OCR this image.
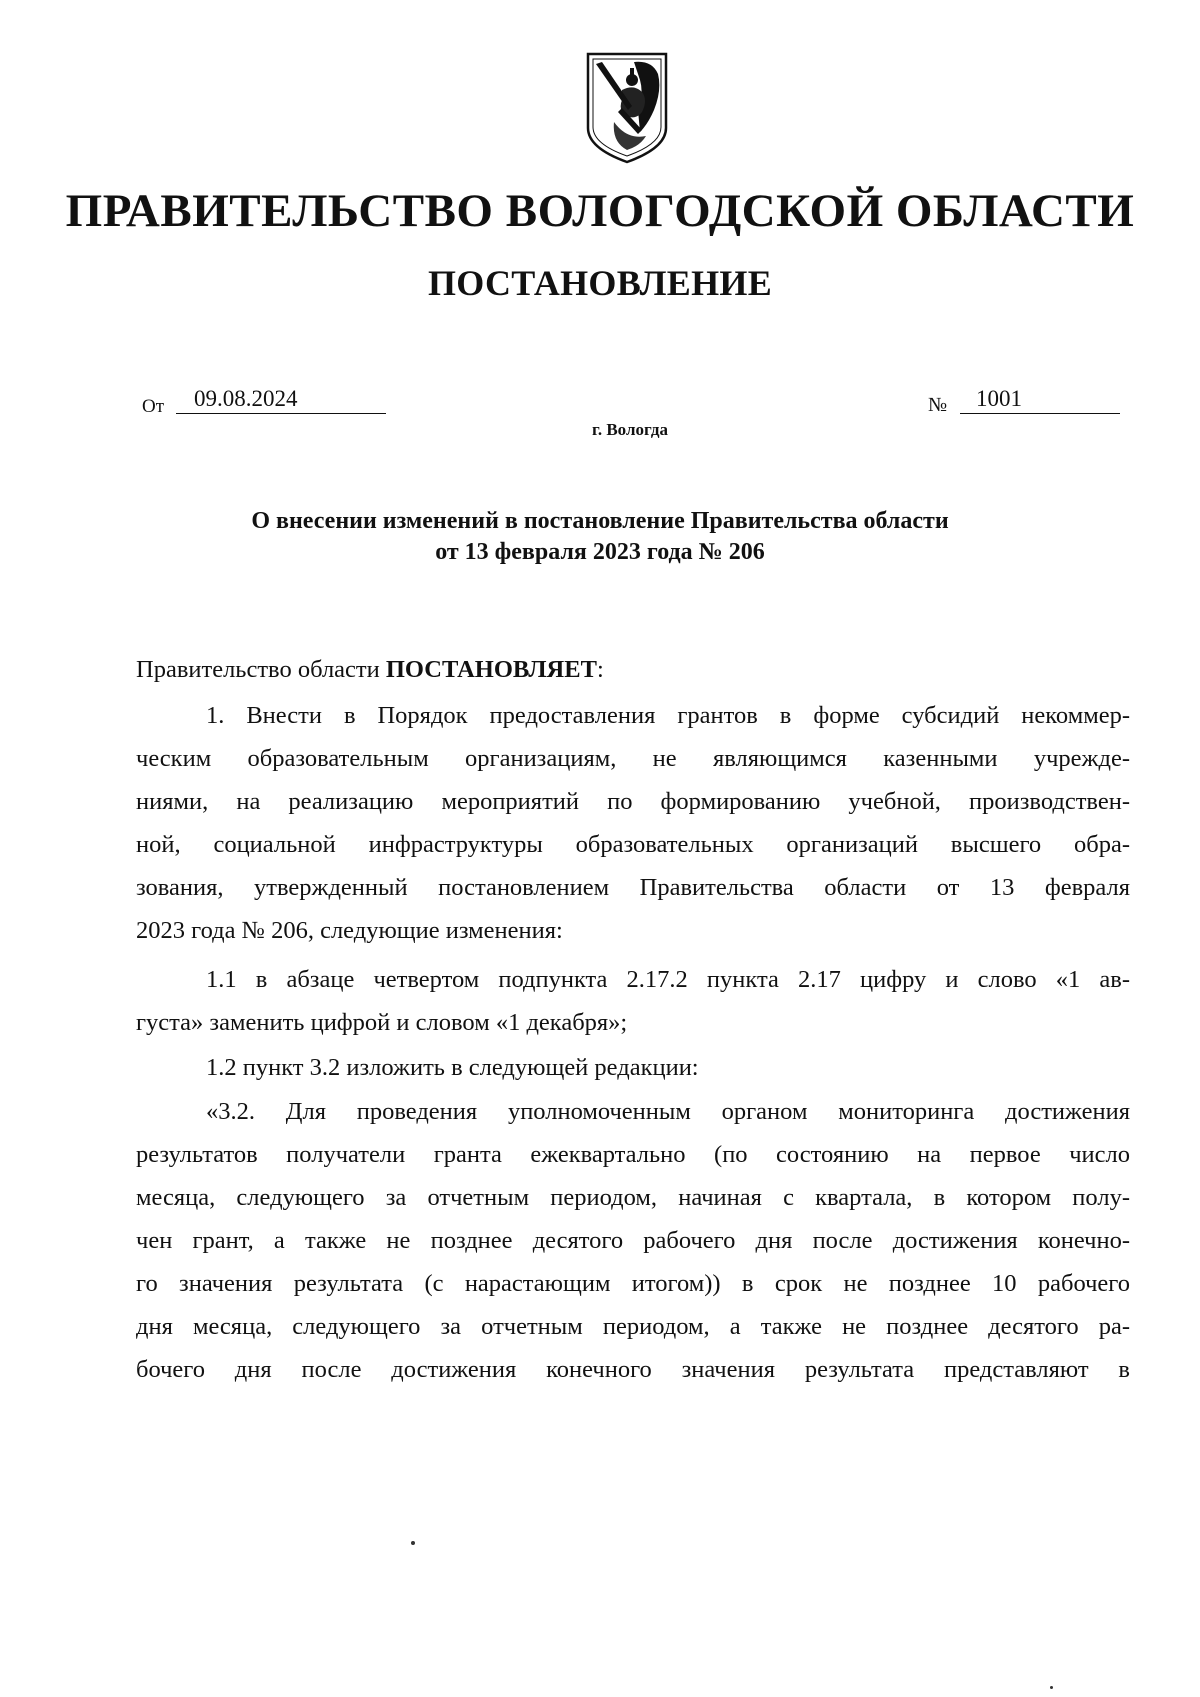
ПРАВИТЕЛЬСТВО ВОЛОГОДСКОЙ ОБЛАСТИ
ПОСТАНОВЛЕНИЕ
От	09.08.2024	№	1001
г. Вологда
О внесении изменений в постановление Правительства области
от 13 февраля 2023 года № 206
Правительство области ПОСТАНОВЛЯЕТ:
1. Внести в Порядок предоставления грантов в форме субсидий некоммер-
ческим образовательным организациям, не являющимся казенными учрежде-
ниями, на реализацию мероприятий по формированию учебной, производствен-
ной, социальной инфраструктуры образовательных организаций высшего обра-
зования, утвержденный постановлением Правительства области от 13 февраля
2023 года № 206, следующие изменения:
1.1 в абзаце четвертом подпункта 2.17.2 пункта 2.17 цифру и слово «1 ав-
густа» заменить цифрой и словом «1 декабря»;
1.2 пункт 3.2 изложить в следующей редакции:
«3.2. Для проведения уполномоченным органом мониторинга достижения
результатов получатели гранта ежеквартально (по состоянию на первое число
месяца, следующего за отчетным периодом, начиная с квартала, в котором полу-
чен грант, а также не позднее десятого рабочего дня после достижения конечно-
го значения результата (с нарастающим итогом)) в срок не позднее 10 рабочего
дня месяца, следующего за отчетным периодом, а также не позднее десятого ра-
бочего дня после достижения конечного значения результата представляют в
